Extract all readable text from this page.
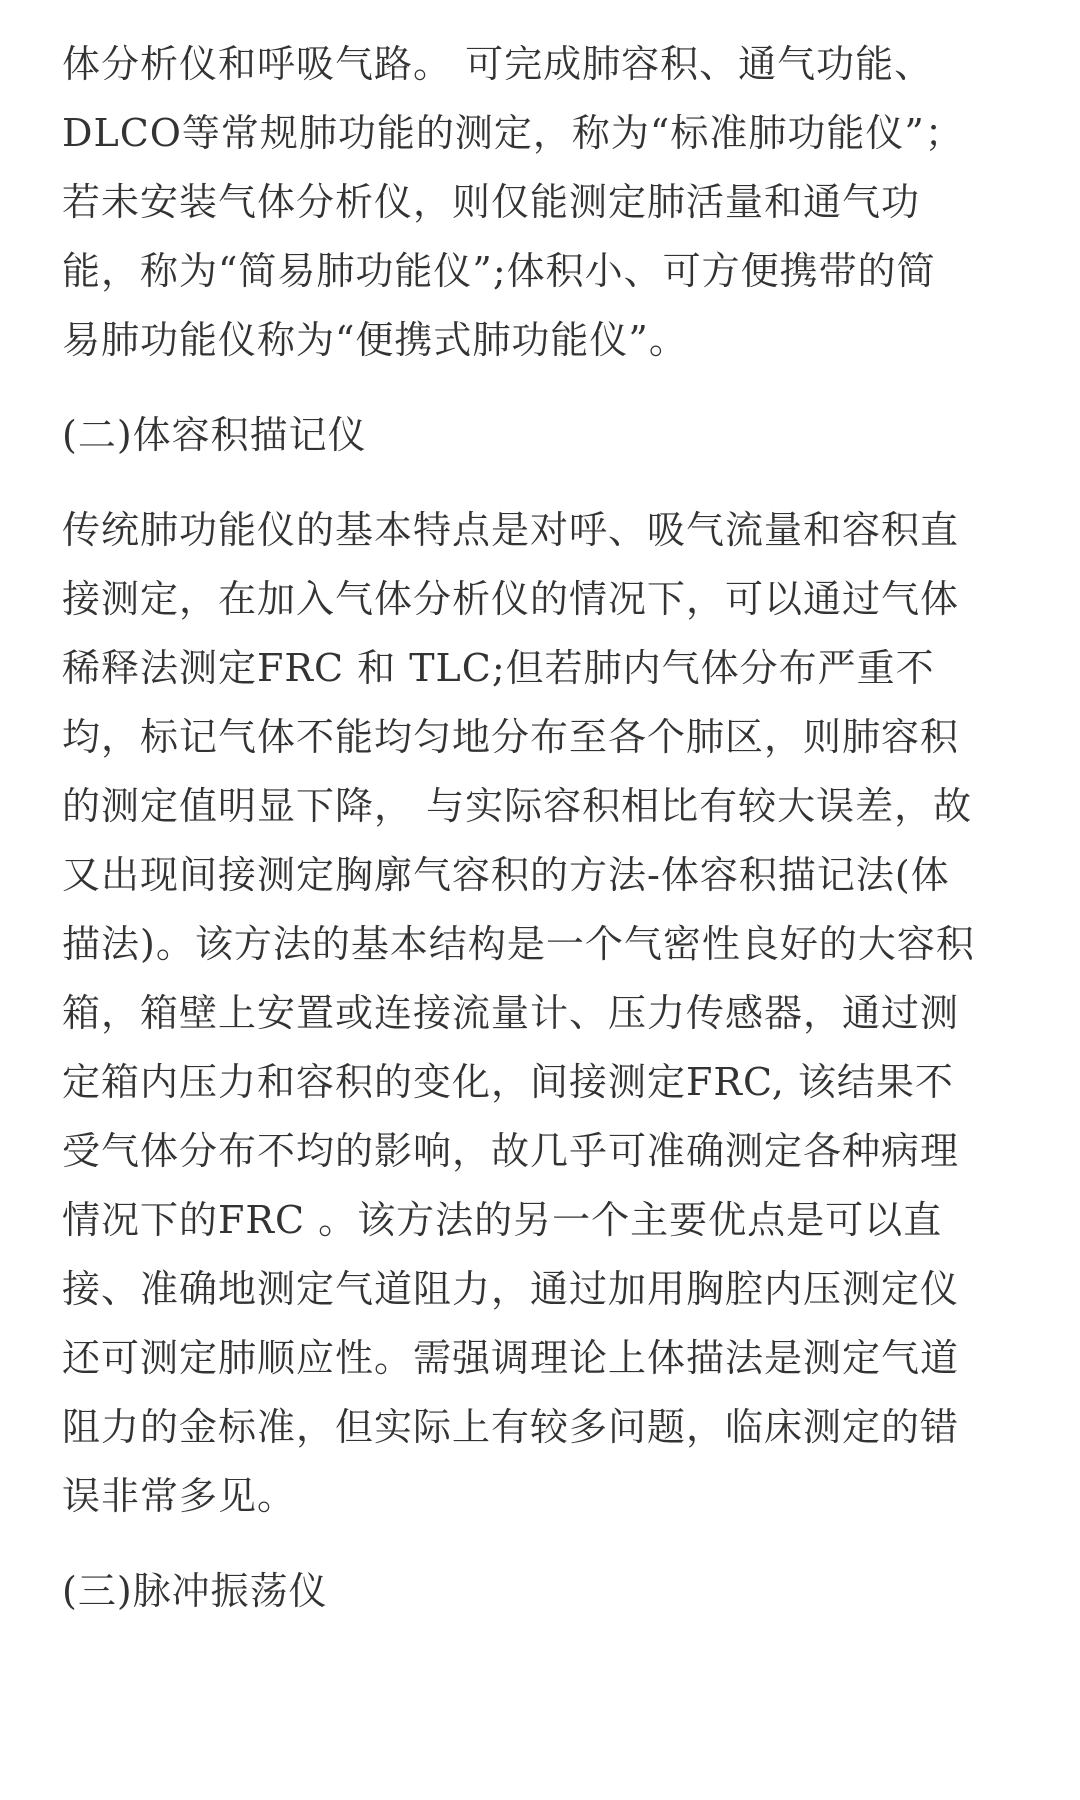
体分析仪和呼吸气路。 可完成肺容积、通气功能、
DLCO等常规肺功能的测定，称为“标准肺功能仪”；
若未安装气体分析仪，则仅能测定肺活量和通气功
能，称为“简易肺功能仪”;体积小、可方便携带的简
易肺功能仪称为“便携式肺功能仪”。
(二)体容积描记仪
传统肺功能仪的基本特点是对呼、吸气流量和容积直
接测定，在加入气体分析仪的情况下，可以通过气体
稀释法测定FRC 和 TLC;但若肺内气体分布严重不
均，标记气体不能均匀地分布至各个肺区，则肺容积
的测定值明显下降， 与实际容积相比有较大误差，故
又出现间接测定胸廓气容积的方法-体容积描记法(体
描法)。该方法的基本结构是一个气密性良好的大容积
箱，箱壁上安置或连接流量计、压力传感器，通过测
定箱内压力和容积的变化，间接测定FRC, 该结果不
受气体分布不均的影响，故几乎可准确测定各种病理
情况下的FRC 。该方法的另一个主要优点是可以直
接、准确地测定气道阻力，通过加用胸腔内压测定仪
还可测定肺顺应性。需强调理论上体描法是测定气道
阻力的金标准，但实际上有较多问题，临床测定的错
误非常多见。
(三)脉冲振荡仪
